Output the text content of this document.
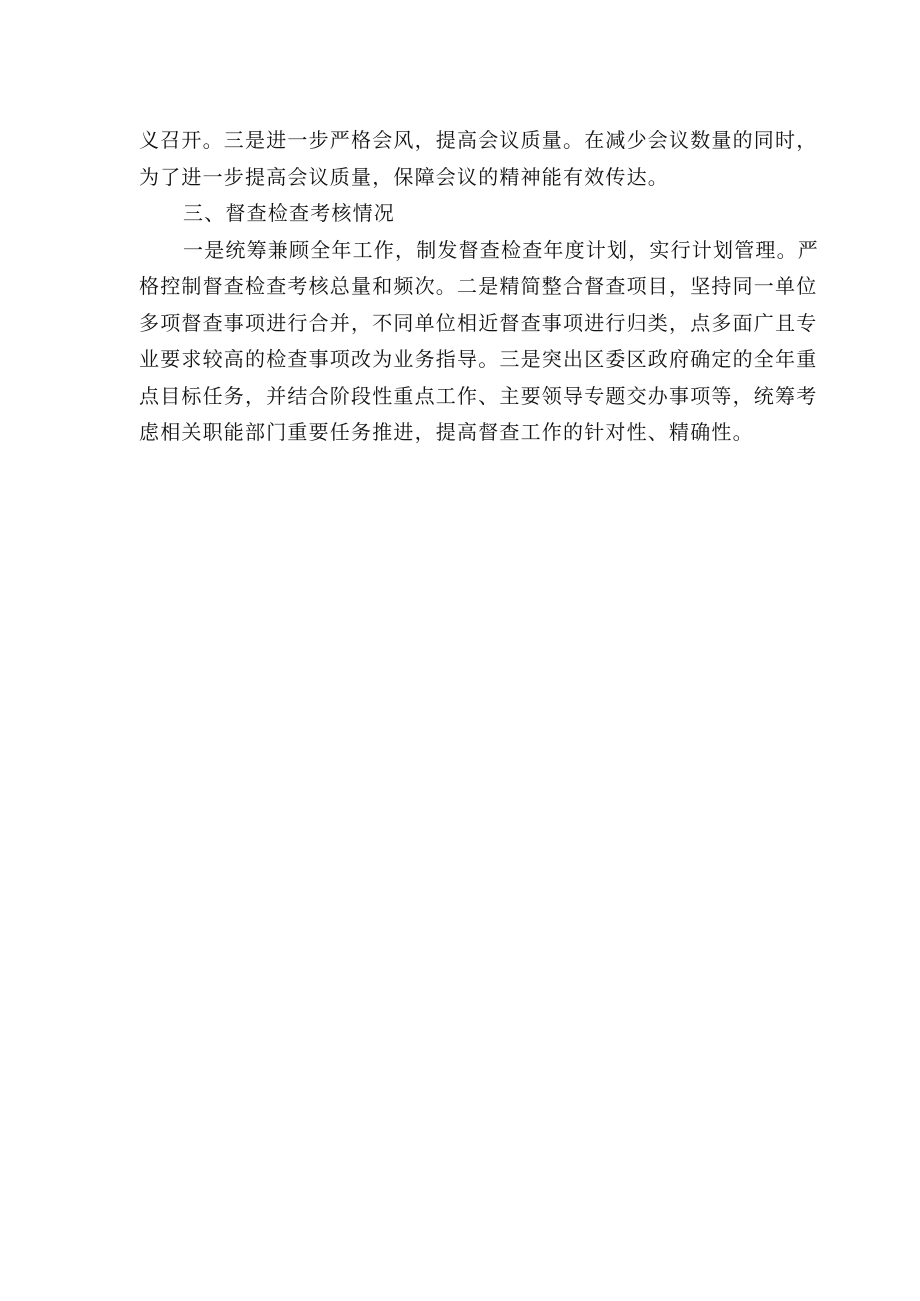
义召开。三是进一步严格会风，提高会议质量。在减少会议数量的同时，
为了进一步提高会议质量，保障会议的精神能有效传达。
三、督查检查考核情况
一是统筹兼顾全年工作，制发督查检查年度计划，实行计划管理。严
格控制督查检查考核总量和频次。二是精简整合督查项目，坚持同一单位
多项督查事项进行合并，不同单位相近督查事项进行归类，点多面广且专
业要求较高的检查事项改为业务指导。三是突出区委区政府确定的全年重
点目标任务，并结合阶段性重点工作、主要领导专题交办事项等，统筹考
虑相关职能部门重要任务推进，提高督查工作的针对性、精确性。
